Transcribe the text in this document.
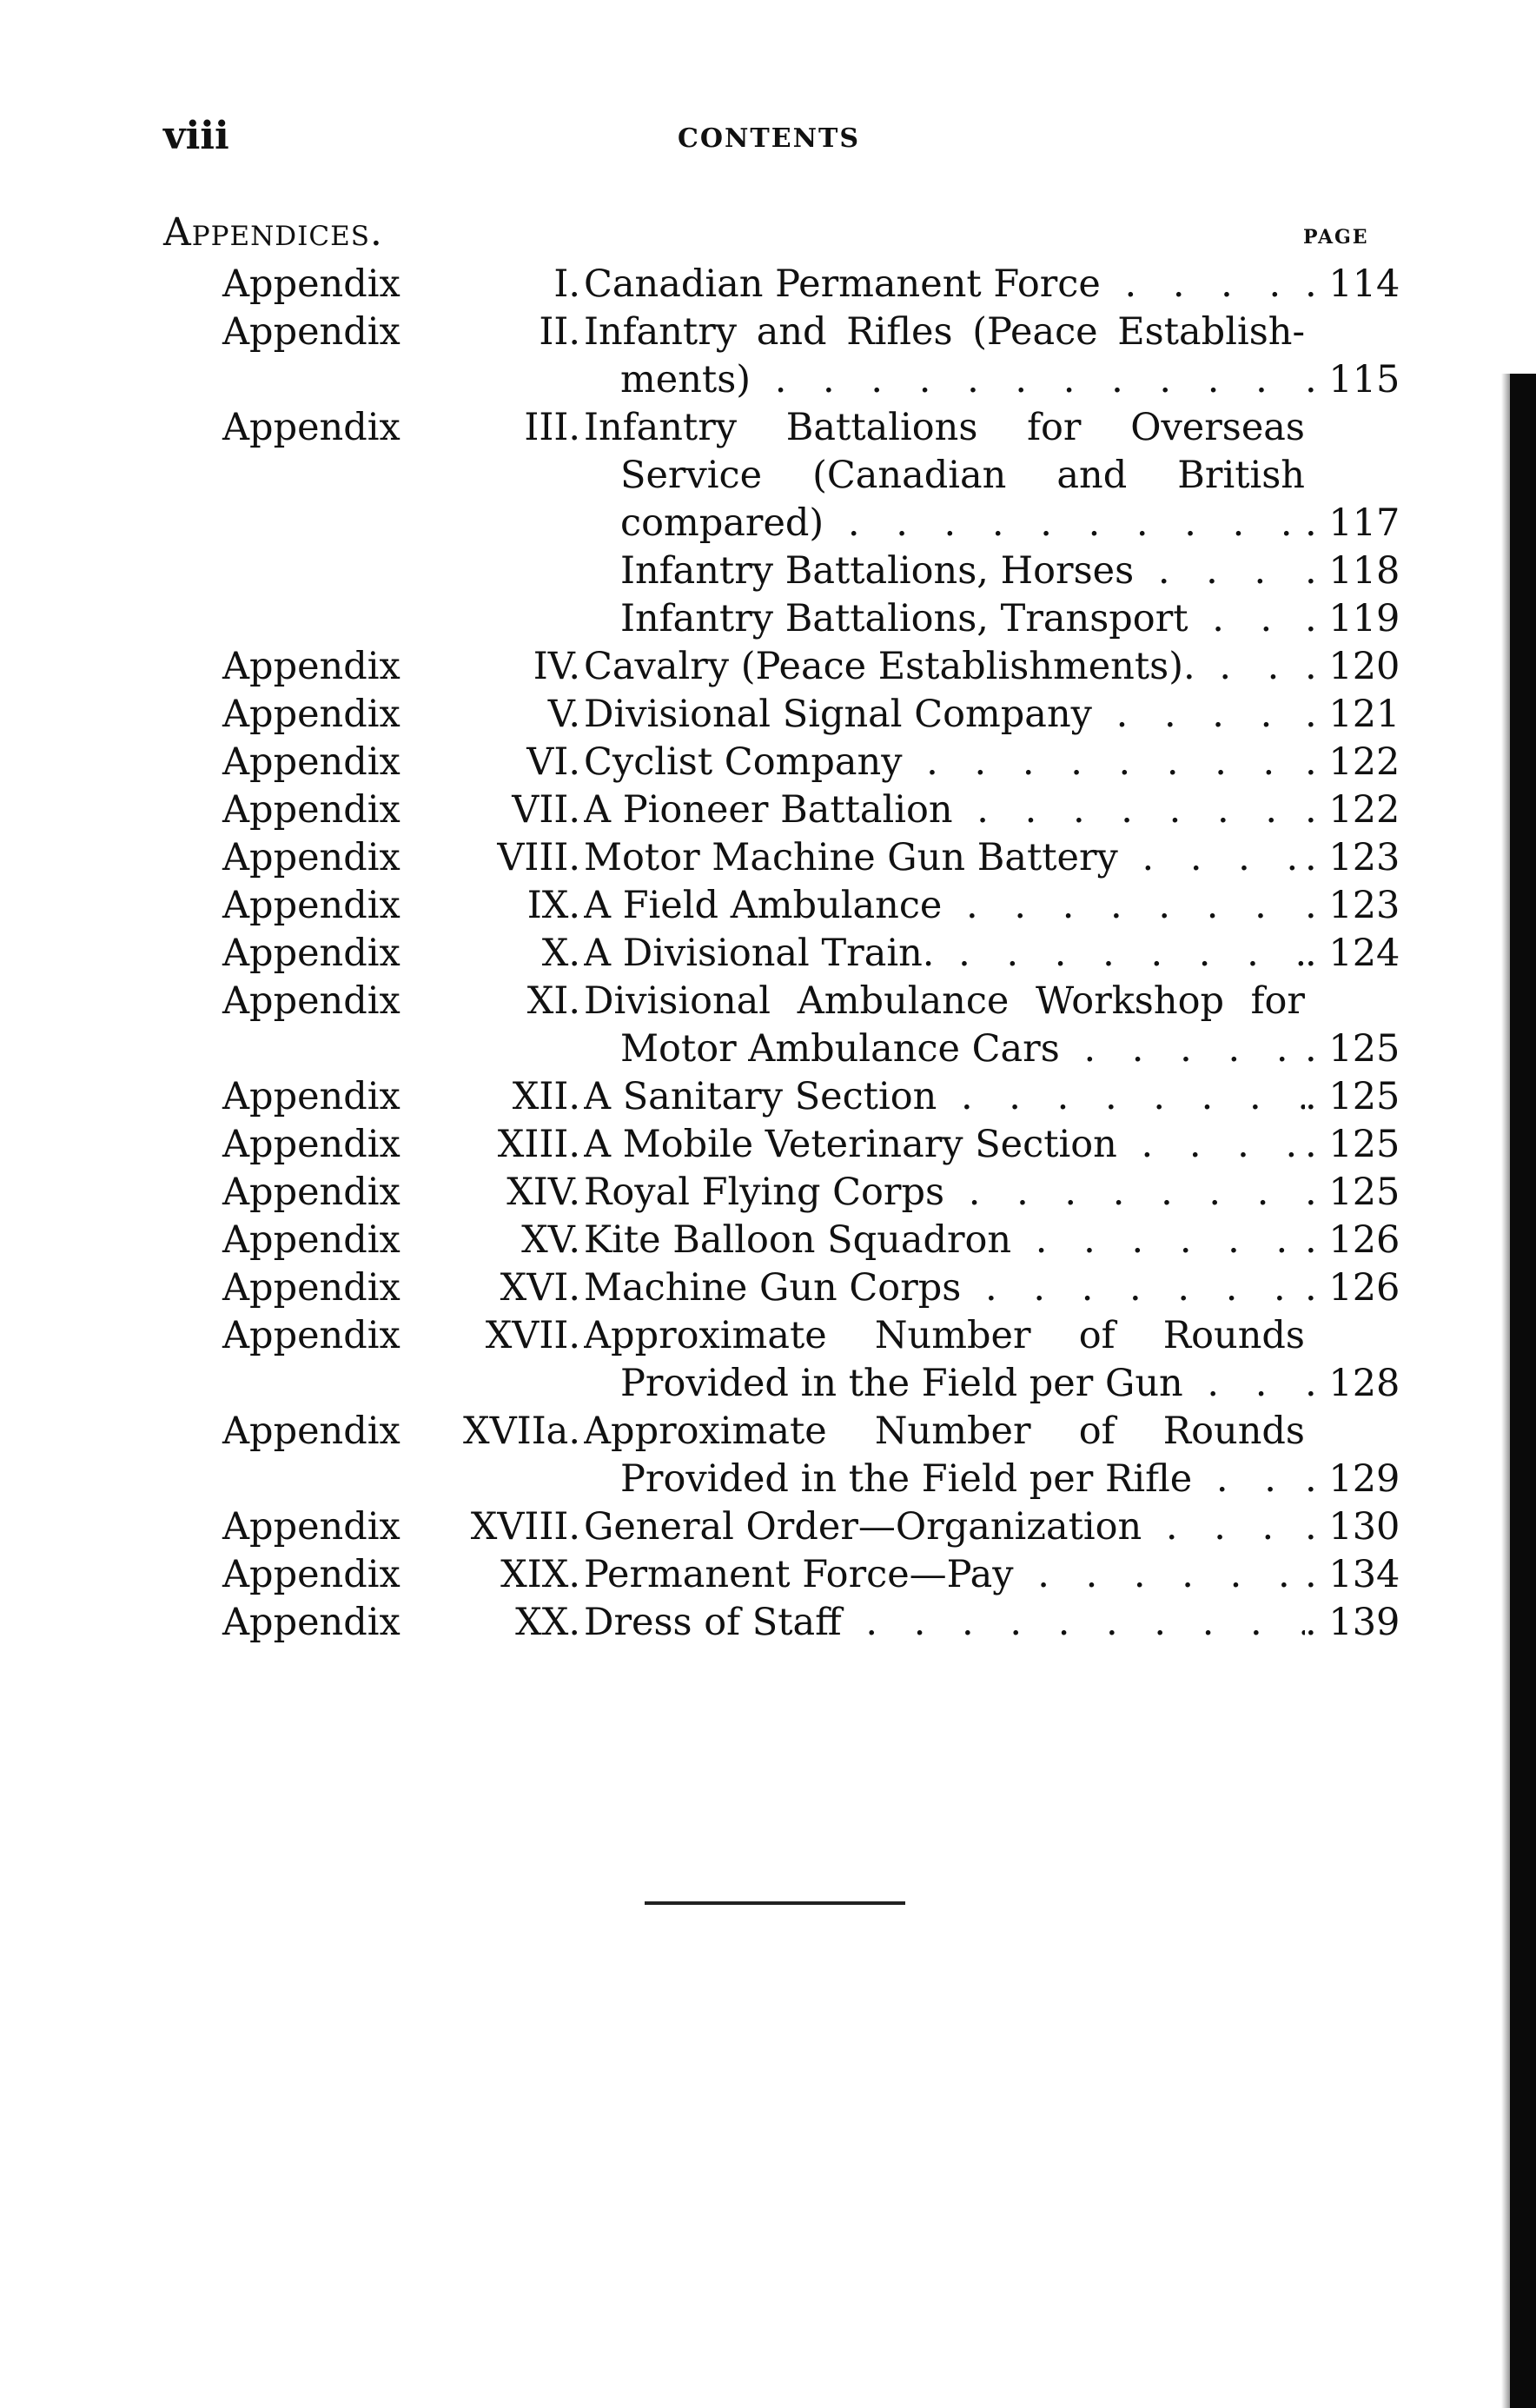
viii	CONTENTS
Appendices.	PAGE
Appendix	I. Canadian Permanent Force . . .	. 114
Appendix	II. Infantry and Rifles (Peace Establish-
ments) . . .	. 115
Appendix	III. Infantry Battalions for Overseas
Service (Canadian and British
compared) . . .	. 117
Infantry Battalions, Horses . . .	. 118
Infantry Battalions, Transport . . .	. 119
Appendix	IV. Cavalry (Peace Establishments). . . .	. 120
Appendix	V. Divisional Signal Company . . .	. 121
Appendix	VI. Cyclist Company . . .	. 122
Appendix	VII. A Pioneer Battalion . . .	. 122
Appendix	VIII. Motor Machine Gun Battery . . .	. 123
Appendix	IX. A Field Ambulance . . .	. 123
Appendix	X. A Divisional Train. . . .	. 124
Appendix	XI. Divisional Ambulance Workshop for
Motor Ambulance Cars . . .	. 125
Appendix	XII. A Sanitary Section . . .	. 125
Appendix	XIII. A Mobile Veterinary Section . . .	. 125
Appendix	XIV. Royal Flying Corps . . .	. 125
Appendix	XV. Kite Balloon Squadron . . .	. 126
Appendix	XVI. Machine Gun Corps . . .	. 126
Appendix XVII. Approximate Number of Rounds
Provided in the Field per Gun . . .	. 128
Appendix XVIIa. Approximate Number of Rounds
Provided in the Field per Rifle . . .	. 129
Appendix XVIII. General Order—Organization . . .	. 130
Appendix	XIX. Permanent Force—Pay . . .	. 134
Appendix	XX. Dress of Staff . . .	. 139
